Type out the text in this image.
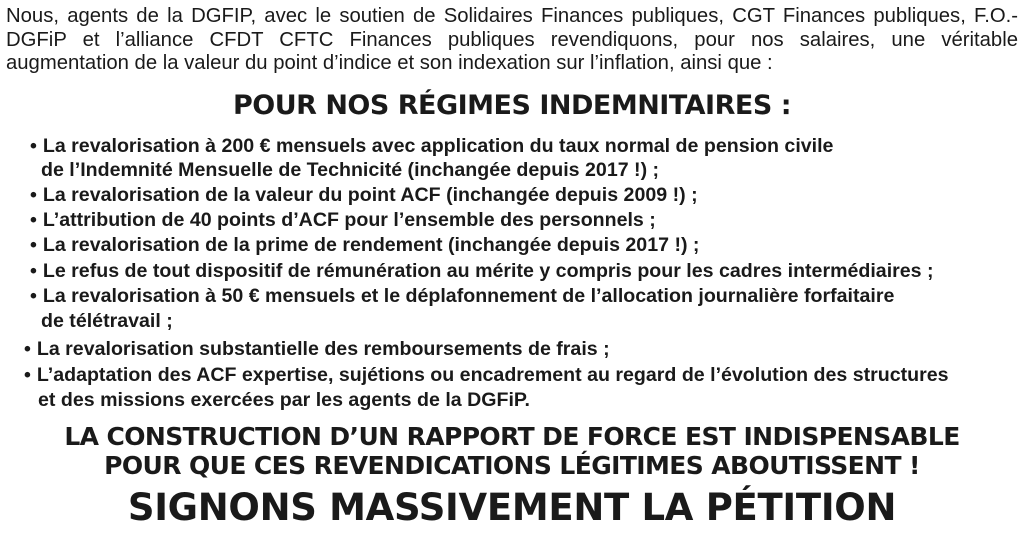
Nous, agents de la DGFIP, avec le soutien de Solidaires Finances publiques, CGT Finances publiques, F.O.-DGFiP et l’alliance CFDT CFTC Finances publiques revendiquons, pour nos salaires, une véritable augmentation de la valeur du point d’indice et son indexation sur l’inflation, ainsi que :

POUR NOS RÉGIMES INDEMNITAIRES :
• La revalorisation à 200 € mensuels avec application du taux normal de pension civile
de l’Indemnité Mensuelle de Technicité (inchangée depuis 2017 !) ;
• La revalorisation de la valeur du point ACF (inchangée depuis 2009 !) ;
• L’attribution de 40 points d’ACF pour l’ensemble des personnels ;
• La revalorisation de la prime de rendement (inchangée depuis 2017 !) ;
• Le refus de tout dispositif de rémunération au mérite y compris pour les cadres intermédiaires ;
• La revalorisation à 50 € mensuels et le déplafonnement de l’allocation journalière forfaitaire
de télétravail ;
• La revalorisation substantielle des remboursements de frais ;
• L’adaptation des ACF expertise, sujétions ou encadrement au regard de l’évolution des structures
et des missions exercées par les agents de la DGFiP.

LA CONSTRUCTION D’UN RAPPORT DE FORCE EST INDISPENSABLE

POUR QUE CES REVENDICATIONS LÉGITIMES ABOUTISSENT !

SIGNONS MASSIVEMENT LA PÉTITION
